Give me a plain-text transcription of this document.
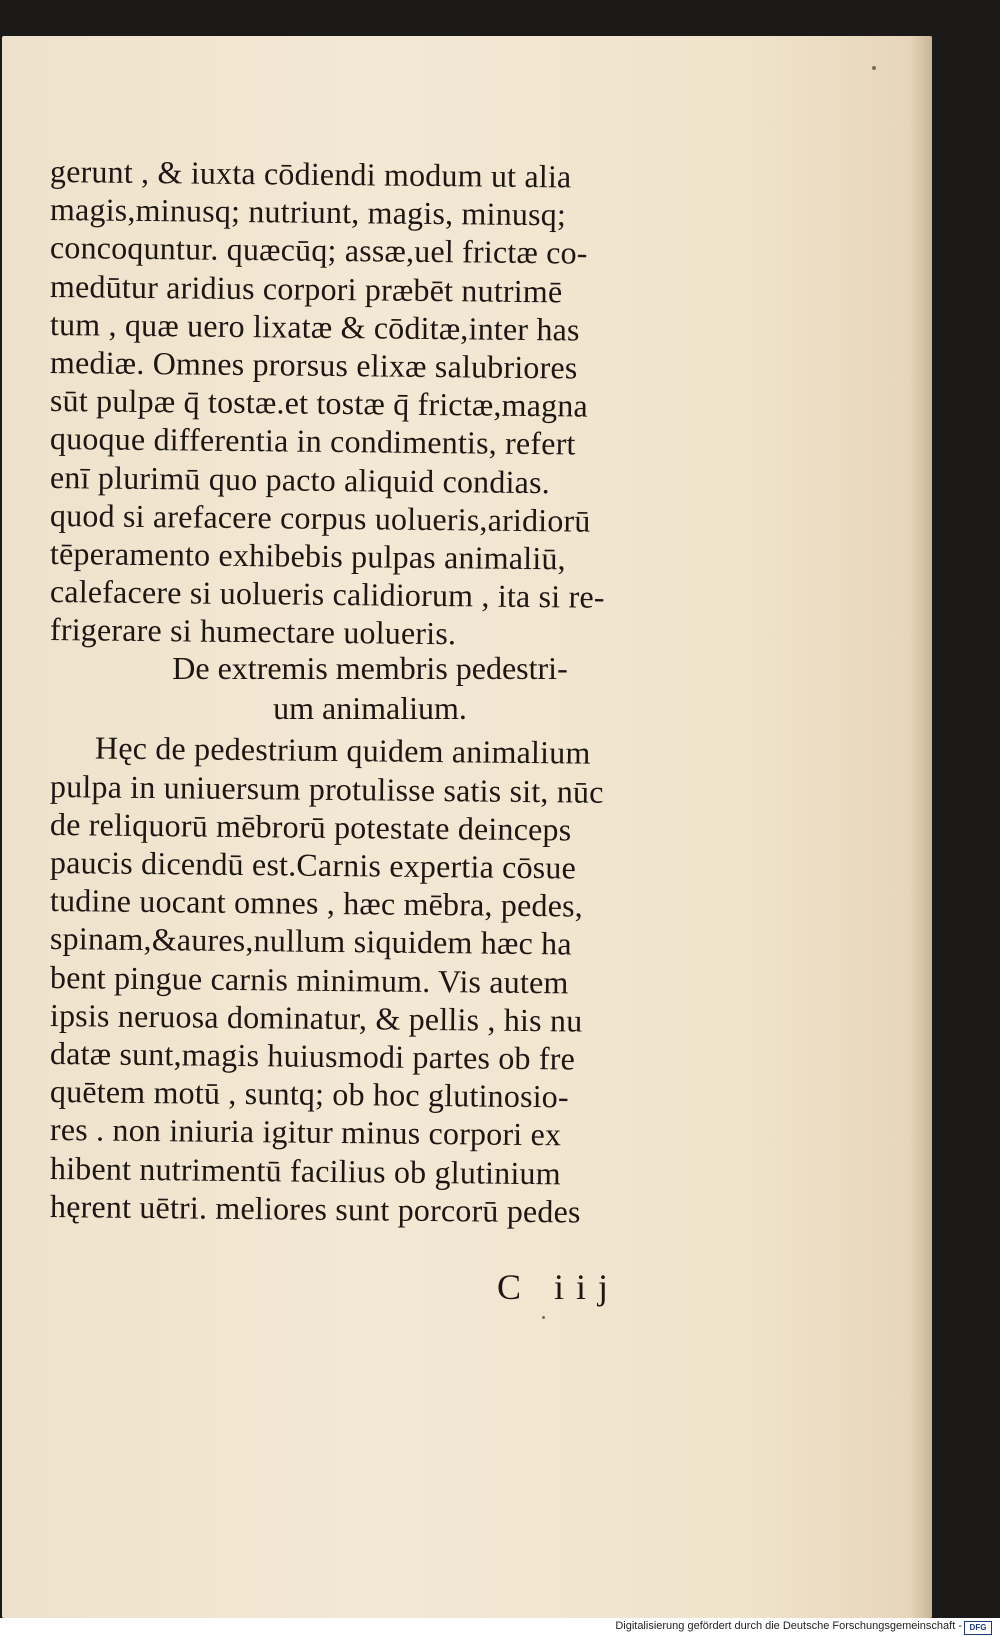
gerunt , & iuxta cōdiendi modum ut alia
magis,minusq; nutriunt, magis, minusq;
concoquntur. quæcūq; assæ,uel frictæ co-
medūtur aridius corpori præbēt nutrimē
tum , quæ uero lixatæ & cōditæ,inter has
mediæ. Omnes prorsus elixæ salubriores
sūt pulpæ q̄ tostæ.et tostæ q̄ frictæ,magna
quoque differentia in condimentis, refert
enī plurimū quo pacto aliquid condias.
quod si arefacere corpus uolueris,aridiorū
tēperamento exhibebis pulpas animaliū,
calefacere si uolueris calidiorum , ita si re-
frigerare si humectare uolueris.
De extremis membris pedestri-
um animalium.
Hęc de pedestrium quidem animalium
pulpa in uniuersum protulisse satis sit, nūc
de reliquorū mēbrorū potestate deinceps
paucis dicendū est.Carnis expertia cōsue
tudine uocant omnes , hæc mēbra, pedes,
spinam,&aures,nullum siquidem hæc ha
bent pingue carnis minimum. Vis autem
ipsis neruosa dominatur, & pellis , his nu
datæ sunt,magis huiusmodi partes ob fre
quētem motū , suntq; ob hoc glutinosio-
res . non iniuria igitur minus corpori ex
hibent nutrimentū facilius ob glutinium
hęrent uētri. meliores sunt porcorū pedes
C iij
Digitalisierung gefördert durch die Deutsche Forschungsgemeinschaft - DFG
